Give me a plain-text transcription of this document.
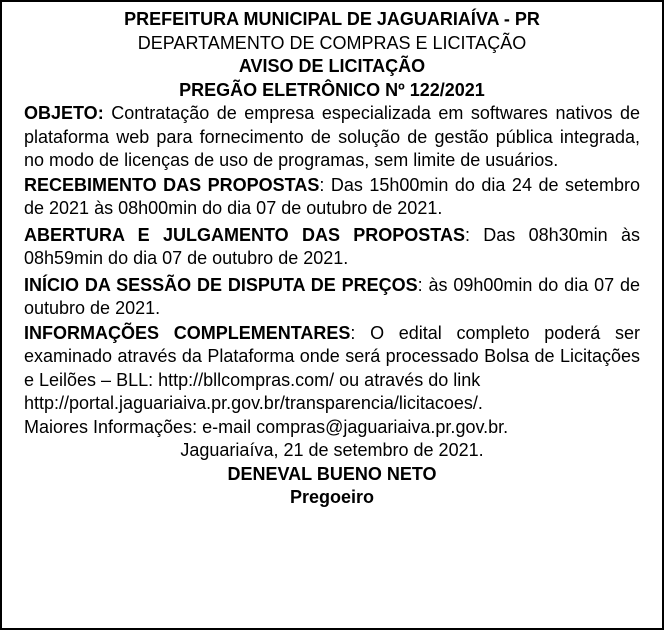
PREFEITURA MUNICIPAL DE JAGUARIAÍVA - PR
DEPARTAMENTO DE COMPRAS E LICITAÇÃO
AVISO DE LICITAÇÃO
PREGÃO ELETRÔNICO Nº 122/2021

OBJETO: Contratação de empresa especializada em softwares nativos de plataforma web para fornecimento de solução de gestão pública integrada, no modo de licenças de uso de programas, sem limite de usuários.

RECEBIMENTO DAS PROPOSTAS: Das 15h00min do dia 24 de setembro de 2021 às 08h00min do dia 07 de outubro de 2021.

ABERTURA E JULGAMENTO DAS PROPOSTAS: Das 08h30min às 08h59min do dia 07 de outubro de 2021.

INÍCIO DA SESSÃO DE DISPUTA DE PREÇOS: às 09h00min do dia 07 de outubro de 2021.

INFORMAÇÕES COMPLEMENTARES: O edital completo poderá ser examinado através da Plataforma onde será processado Bolsa de Licitações e Leilões – BLL: http://bllcompras.com/ ou através do link

http://portal.jaguariaiva.pr.gov.br/transparencia/licitacoes/.

Maiores Informações: e-mail compras@jaguariaiva.pr.gov.br.

Jaguariaíva, 21 de setembro de 2021.
DENEVAL BUENO NETO
Pregoeiro
